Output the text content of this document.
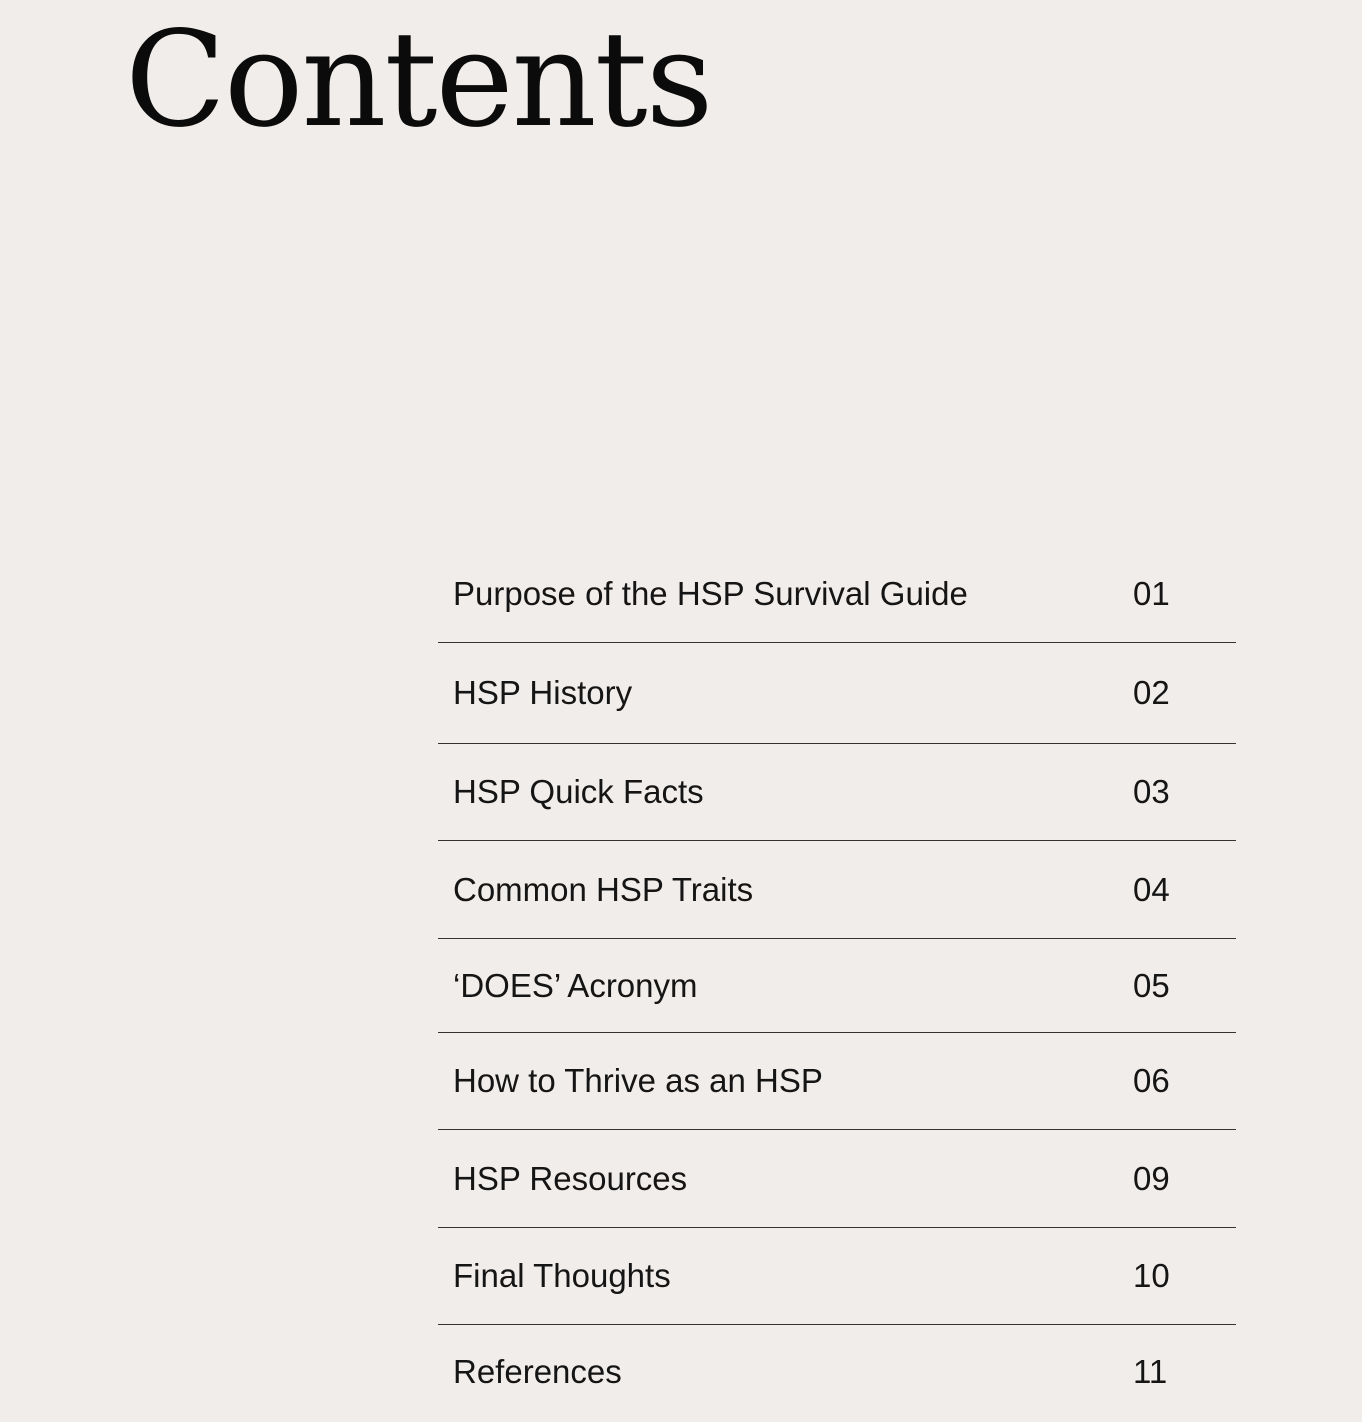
Contents
Purpose of the HSP Survival Guide	01
HSP History	02
HSP Quick Facts	03
Common HSP Traits	04
‘DOES’ Acronym	05
How to Thrive as an HSP	06
HSP Resources	09
Final Thoughts	10
References	11
